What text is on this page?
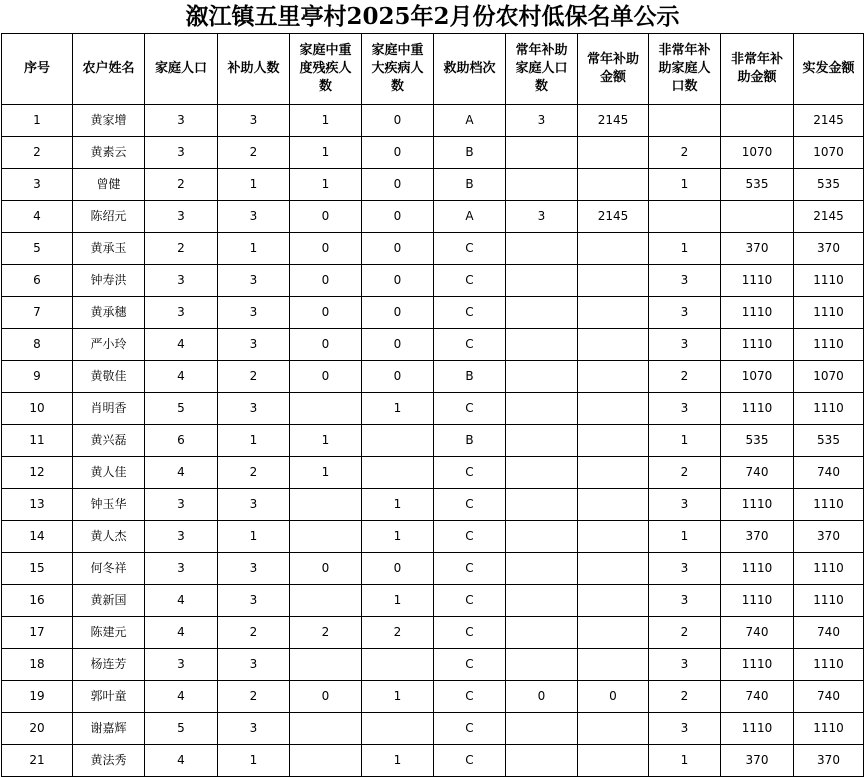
溆江镇五里亭村2025年2月份农村低保名单公示
序号	农户姓名	家庭人口	补助人数	家庭中重度残疾人数	家庭中重大疾病人数	救助档次	常年补助家庭人口数	常年补助金额	非常年补助家庭人口数	非常年补助金额	实发金额
1	黄家增	3	3	1	0	A	3	2145			2145
2	黄素云	3	2	1	0	B			2	1070	1070
3	曾健	2	1	1	0	B			1	535	535
4	陈绍元	3	3	0	0	A	3	2145			2145
5	黄承玉	2	1	0	0	C			1	370	370
6	钟寿洪	3	3	0	0	C			3	1110	1110
7	黄承穗	3	3	0	0	C			3	1110	1110
8	严小玲	4	3	0	0	C			3	1110	1110
9	黄敬佳	4	2	0	0	B			2	1070	1070
10	肖明香	5	3		1	C			3	1110	1110
11	黄兴磊	6	1	1		B			1	535	535
12	黄人佳	4	2	1		C			2	740	740
13	钟玉华	3	3		1	C			3	1110	1110
14	黄人杰	3	1		1	C			1	370	370
15	何冬祥	3	3	0	0	C			3	1110	1110
16	黄新国	4	3		1	C			3	1110	1110
17	陈建元	4	2	2	2	C			2	740	740
18	杨连芳	3	3			C			3	1110	1110
19	郭叶童	4	2	0	1	C	0	0	2	740	740
20	谢嘉辉	5	3			C			3	1110	1110
21	黄法秀	4	1		1	C			1	370	370
